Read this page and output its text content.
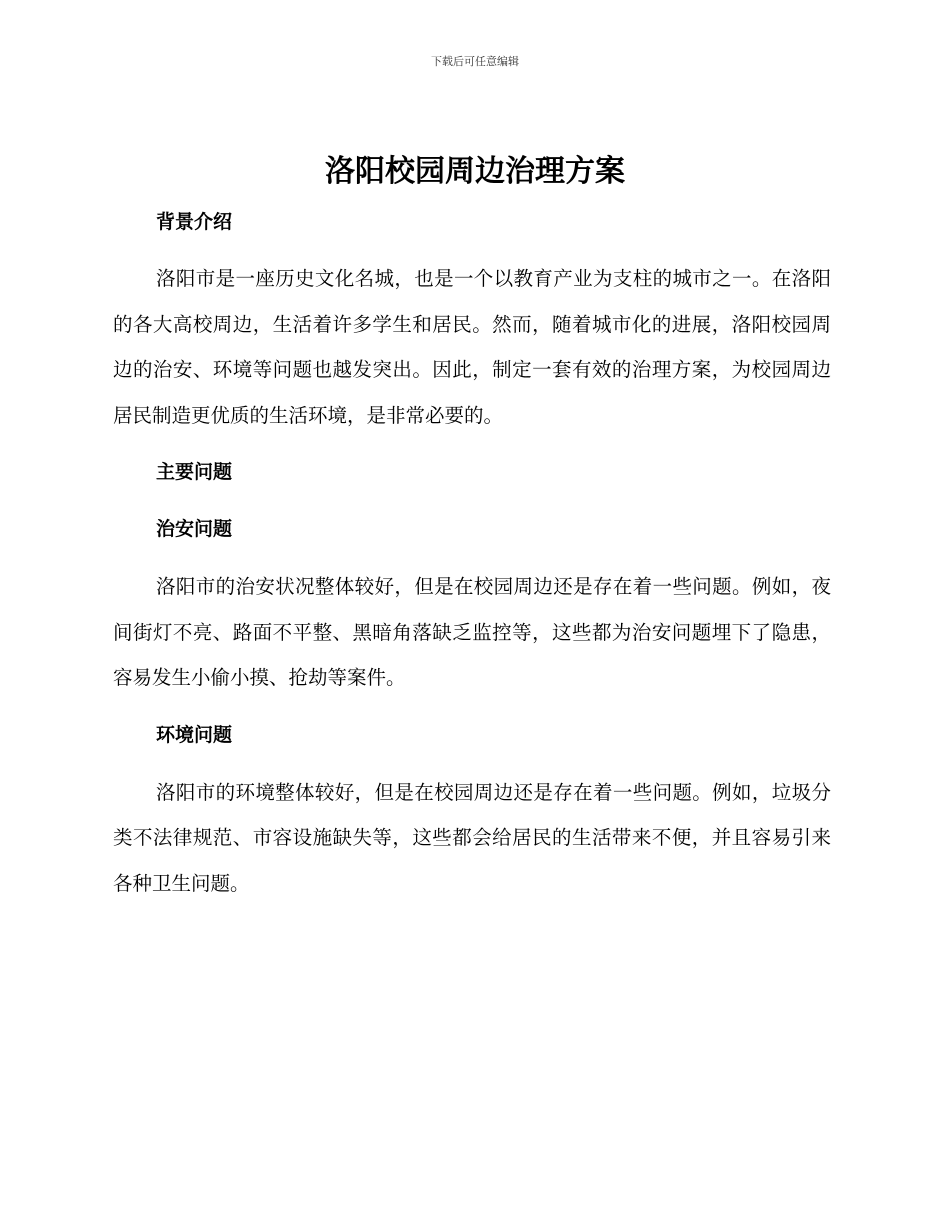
下载后可任意编辑
洛阳校园周边治理方案
背景介绍

洛阳市是一座历史文化名城，也是一个以教育产业为支柱的城市之一。在洛阳的各大高校周边，生活着许多学生和居民。然而，随着城市化的进展，洛阳校园周边的治安、环境等问题也越发突出。因此，制定一套有效的治理方案，为校园周边居民制造更优质的生活环境，是非常必要的。

主要问题
治安问题

洛阳市的治安状况整体较好，但是在校园周边还是存在着一些问题。例如，夜间街灯不亮、路面不平整、黑暗角落缺乏监控等，这些都为治安问题埋下了隐患，容易发生小偷小摸、抢劫等案件。

环境问题

洛阳市的环境整体较好，但是在校园周边还是存在着一些问题。例如，垃圾分类不法律规范、市容设施缺失等，这些都会给居民的生活带来不便，并且容易引来各种卫生问题。
